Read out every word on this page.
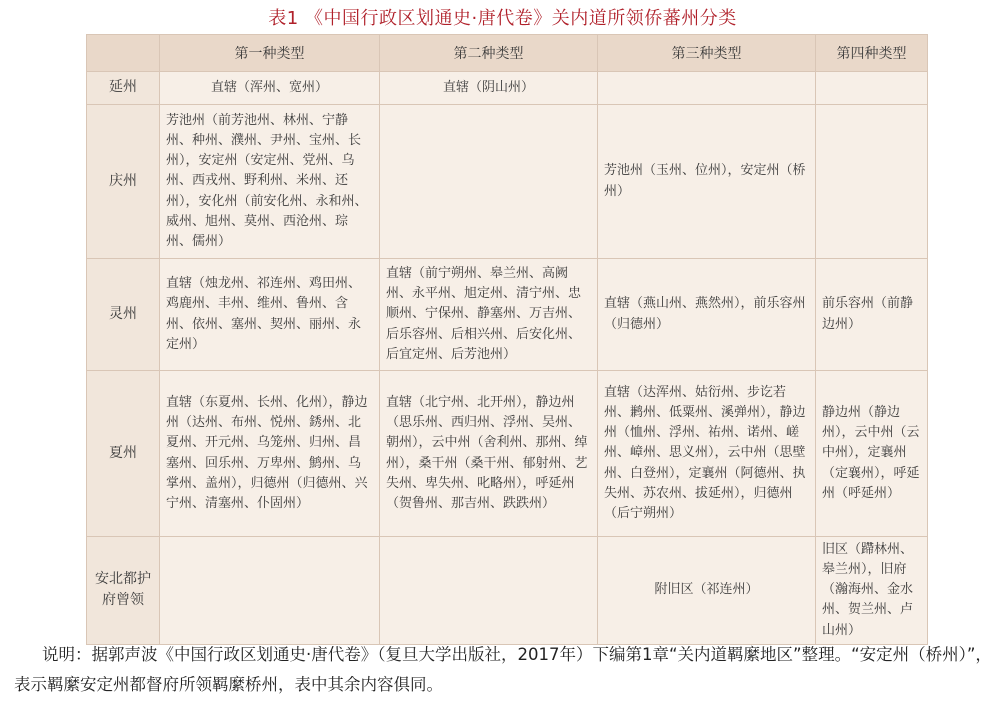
表1 《中国行政区划通史·唐代卷》关内道所领侨蕃州分类
	第一种类型	第二种类型	第三种类型	第四种类型
延州	直辖（浑州、宽州）	直辖（阴山州）		
庆州	芳池州（前芳池州、林州、宁静州、种州、濮州、尹州、宝州、长州），安定州（安定州、党州、乌州、西戎州、野利州、米州、还州），安化州（前安化州、永和州、威州、旭州、莫州、西沧州、琮州、儒州）		芳池州（玉州、位州），安定州（桥州）	
灵州	直辖（烛龙州、祁连州、鸡田州、鸡鹿州、丰州、维州、鲁州、含州、依州、塞州、契州、丽州、永定州）	直辖（前宁朔州、皋兰州、高阙州、永平州、旭定州、清宁州、忠顺州、宁保州、静塞州、万吉州、后乐容州、后相兴州、后安化州、后宜定州、后芳池州）	直辖（燕山州、燕然州），前乐容州（归德州）	前乐容州（前静边州）
夏州	直辖（东夏州、长州、化州），静边州（达州、布州、悦州、銹州、北夏州、开元州、乌笼州、归州、昌塞州、回乐州、万卑州、鹪州、乌掌州、盖州），归德州（归德州、兴宁州、清塞州、仆固州）	直辖（北宁州、北开州），静边州（思乐州、西归州、浮州、吴州、朝州），云中州（舍利州、那州、绰州），桑干州（桑干州、郁射州、艺失州、卑失州、叱略州），呼延州（贺鲁州、那吉州、跌跌州）	直辖（达浑州、姑衍州、步讫若州、鹣州、低粟州、溪弹州），静边州（恤州、浮州、祐州、诺州、嵯州、嶂州、思义州），云中州（思壁州、白登州），定襄州（阿德州、执失州、苏农州、拔延州），归德州（后宁朔州）	静边州（静边州），云中州（云中州），定襄州（定襄州），呼延州（呼延州）
安北都护府曾领			附旧区（祁连州）	旧区（蹛林州、皋兰州），旧府（瀚海州、金水州、贺兰州、卢山州）
说明：据郭声波《中国行政区划通史·唐代卷》（复旦大学出版社，2017年）下编第1章“关内道羁縻地区”整理。“安定州（桥州）”，表示羁縻安定州都督府所领羁縻桥州，表中其余内容俱同。
